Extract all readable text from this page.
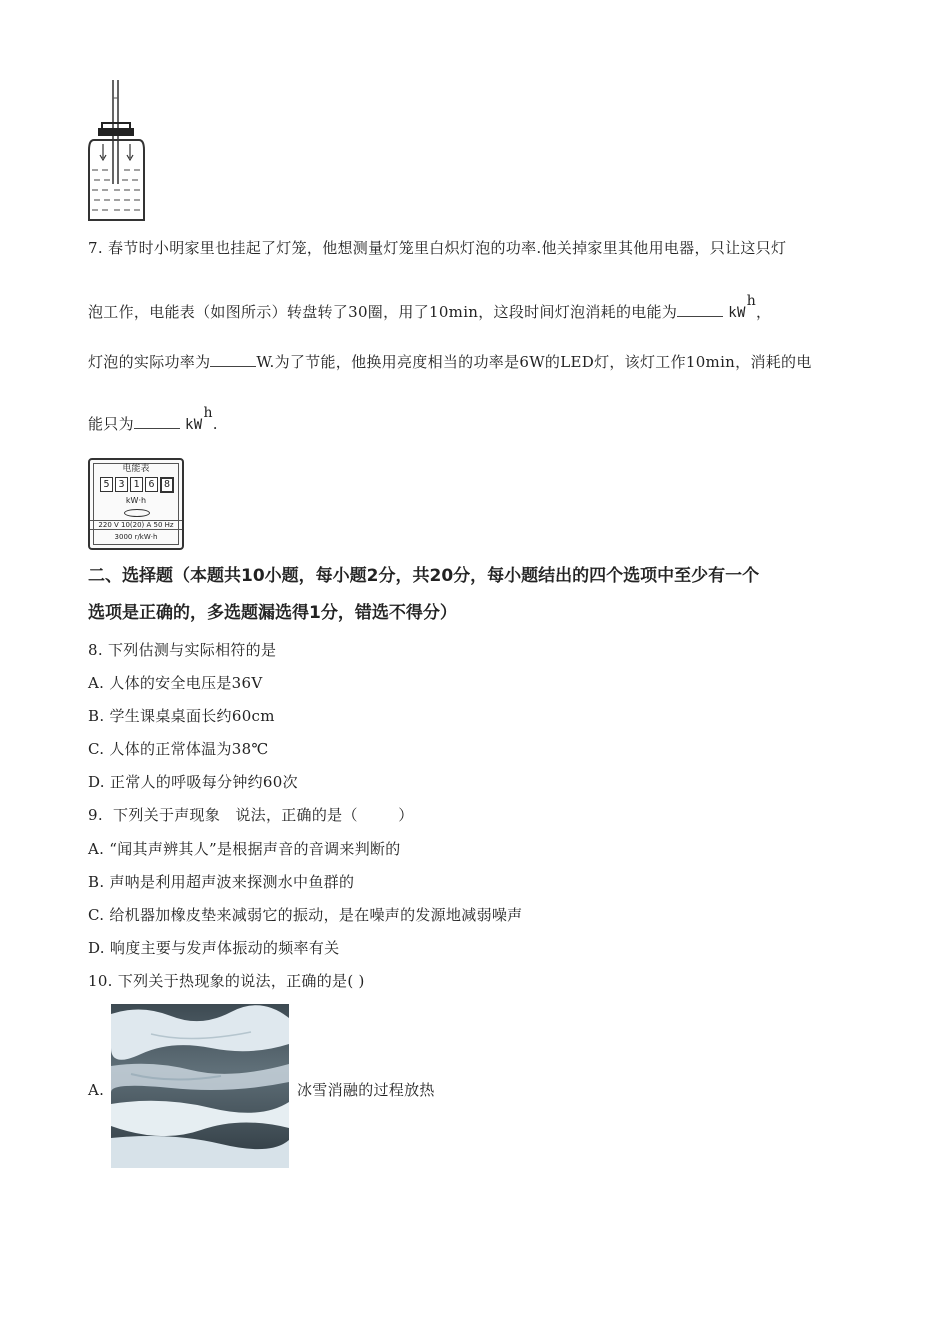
7. 春节时小明家里也挂起了灯笼，他想测量灯笼里白炽灯泡的功率.他关掉家里其他用电器，只让这只灯
泡工作，电能表（如图所示）转盘转了30圈，用了10min，这段时间灯泡消耗的电能为	kWh，
灯泡的实际功率为	W.为了节能，他换用亮度相当的功率是6W的LED灯，该灯工作10min，消耗的电
能只为	kWh.
电能表
5 3 1 6 8
kW·h
220 V 10(20) A 50 Hz
3000 r/kW·h
二、选择题（本题共10小题，每小题2分，共20分，每小题结出的四个选项中至少有一个
选项是正确的，多选题漏选得1分，错选不得分）
8. 下列估测与实际相符的是
A. 人体的安全电压是36V
B. 学生课桌桌面长约60cm
C. 人体的正常体温为38℃
D. 正常人的呼吸每分钟约60次
9.  下列关于声现象   说法，正确的是（        ）
A. “闻其声辨其人”是根据声音的音调来判断的
B. 声呐是利用超声波来探测水中鱼群的
C. 给机器加橡皮垫来减弱它的振动，是在噪声的发源地减弱噪声
D. 响度主要与发声体振动的频率有关
10. 下列关于热现象的说法，正确的是( )
A.	冰雪消融的过程放热
